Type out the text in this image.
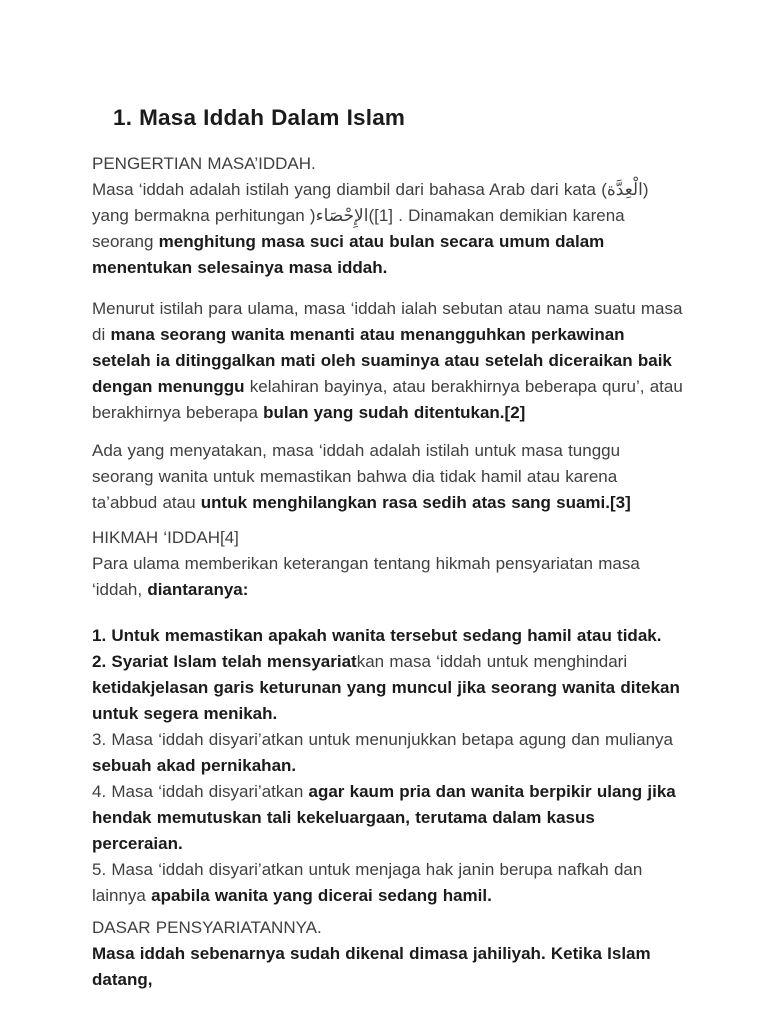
1. Masa Iddah Dalam Islam

PENGERTIAN MASA’IDDAH.

Masa ‘iddah adalah istilah yang diambil dari bahasa Arab dari kata (الْعِدَّة) yang bermakna perhitungan )الإِحْصَاء‎([1] . Dinamakan demikian karena seorang menghitung masa suci atau bulan secara umum dalam menentukan selesainya masa iddah.

Menurut istilah para ulama, masa ‘iddah ialah sebutan atau nama suatu masa di mana seorang wanita menanti atau menangguhkan perkawinan setelah ia ditinggalkan mati oleh suaminya atau setelah diceraikan baik dengan menunggu kelahiran bayinya, atau berakhirnya beberapa quru’, atau berakhirnya beberapa bulan yang sudah ditentukan.[2]

Ada yang menyatakan, masa ‘iddah adalah istilah untuk masa tunggu seorang wanita untuk memastikan bahwa dia tidak hamil atau karena ta’abbud atau untuk menghilangkan rasa sedih atas sang suami.[3]

HIKMAH ‘IDDAH[4]

Para ulama memberikan keterangan tentang hikmah pensyariatan masa ‘iddah, diantaranya:

1. Untuk memastikan apakah wanita tersebut sedang hamil atau tidak.

2. Syariat Islam telah mensyariatkan masa ‘iddah untuk menghindari ketidakjelasan garis keturunan yang muncul jika seorang wanita ditekan untuk segera menikah.

3. Masa ‘iddah disyari’atkan untuk menunjukkan betapa agung dan mulianya sebuah akad pernikahan.

4. Masa ‘iddah disyari’atkan agar kaum pria dan wanita berpikir ulang jika hendak memutuskan tali kekeluargaan, terutama dalam kasus perceraian.

5. Masa ‘iddah disyari’atkan untuk menjaga hak janin berupa nafkah dan lainnya apabila wanita yang dicerai sedang hamil.

DASAR PENSYARIATANNYA.

Masa iddah sebenarnya sudah dikenal dimasa jahiliyah. Ketika Islam datang,
